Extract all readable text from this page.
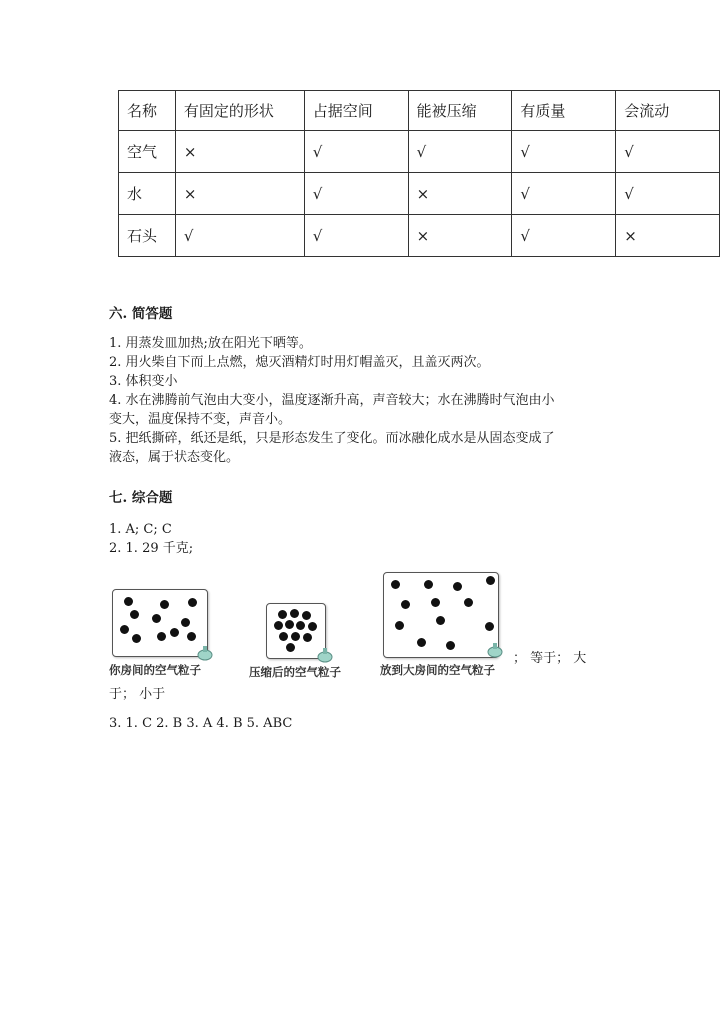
名称	有固定的形状	占据空间	能被压缩	有质量	会流动
空气	×	√	√	√	√
水	×	√	×	√	√
石头	√	√	×	√	×
六. 简答题
1. 用蒸发皿加热;放在阳光下晒等。
2. 用火柴自下而上点燃，熄灭酒精灯时用灯帽盖灭，且盖灭两次。
3. 体积变小
4. 水在沸腾前气泡由大变小，温度逐渐升高，声音较大；水在沸腾时气泡由小
变大，温度保持不变，声音小。
5. 把纸撕碎，纸还是纸，只是形态发生了变化。而冰融化成水是从固态变成了
液态，属于状态变化。
七. 综合题
1. A; C; C
2. 1. 29 千克;
你房间的空气粒子	压缩后的空气粒子	放到大房间的空气粒子
； 等于； 大
于； 小于
3. 1. C 2. B 3. A 4. B 5. ABC
